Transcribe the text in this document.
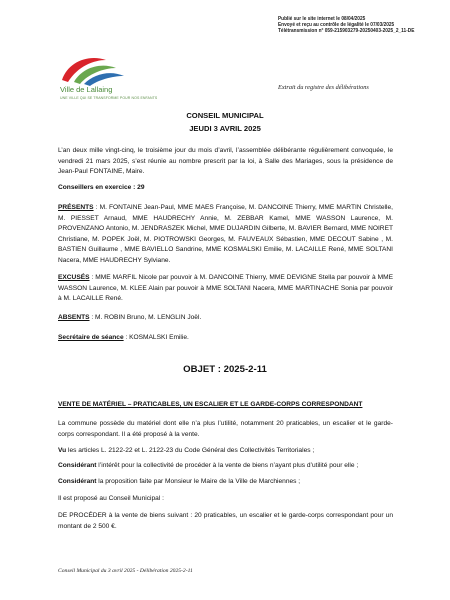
Publié sur le site internet le 08/04/2025
Envoyé et reçu au contrôle de légalité le 07/03/2025
Télétransmission n° 059-215903279-20250403-2025_2_11-DE
Ville de Lallaing
UNE VILLE QUI SE TRANSFORME POUR NOS ENFANTS
Extrait du registre des délibérations
CONSEIL MUNICIPAL
JEUDI 3 AVRIL 2025
L’an deux mille vingt-cinq, le troisième jour du mois d’avril, l’assemblée délibérante régulièrement convoquée, le vendredi 21 mars 2025, s’est réunie au nombre prescrit par la loi, à Salle des Mariages, sous la présidence de Jean-Paul FONTAINE, Maire.
Conseillers en exercice : 29
PRÉSENTS : M. FONTAINE Jean-Paul, MME MAES Françoise, M. DANCOINE Thierry, MME MARTIN Christelle, M. PIESSET Arnaud, MME HAUDRECHY Annie, M. ZEBBAR Kamel, MME WASSON Laurence, M. PROVENZANO Antonio, M. JENDRASZEK Michel, MME DUJARDIN Gilberte, M. BAVIER Bernard, MME NOIRET Christiane, M. POPEK Joël, M. PIOTROWSKI Georges, M. FAUVEAUX Sébastien, MME DECOUT Sabine , M. BASTIEN Guillaume , MME BAVIELLO Sandrine, MME KOSMALSKI Emilie, M. LACAILLE René, MME SOLTANI Nacera, MME HAUDRECHY Sylviane.
EXCUSÉS : MME MARFIL Nicole par pouvoir à M. DANCOINE Thierry, MME DEVIGNE Stella par pouvoir à MME WASSON Laurence, M. KLEE Alain par pouvoir à MME SOLTANI Nacera, MME MARTINACHE Sonia par pouvoir à M. LACAILLE René.
ABSENTS : M. ROBIN Bruno, M. LENGLIN Joël.
Secrétaire de séance : KOSMALSKI Emilie.
OBJET : 2025-2-11
VENTE DE MATÉRIEL – PRATICABLES, UN ESCALIER ET LE GARDE-CORPS CORRESPONDANT
La commune possède du matériel dont elle n’a plus l’utilité, notamment 20 praticables, un escalier et le garde-corps correspondant. Il a été proposé à la vente.
Vu les articles L. 2122-22 et L. 2122-23 du Code Général des Collectivités Territoriales ;
Considérant l’intérêt pour la collectivité de procéder à la vente de biens n’ayant plus d’utilité pour elle ;
Considérant la proposition faite par Monsieur le Maire de la Ville de Marchiennes ;
Il est proposé au Conseil Municipal :
DE PROCÉDER à la vente de biens suivant : 20 praticables, un escalier et le garde-corps correspondant pour un montant de 2 500 €.
Conseil Municipal du 3 avril 2025 - Délibération 2025-2-11
